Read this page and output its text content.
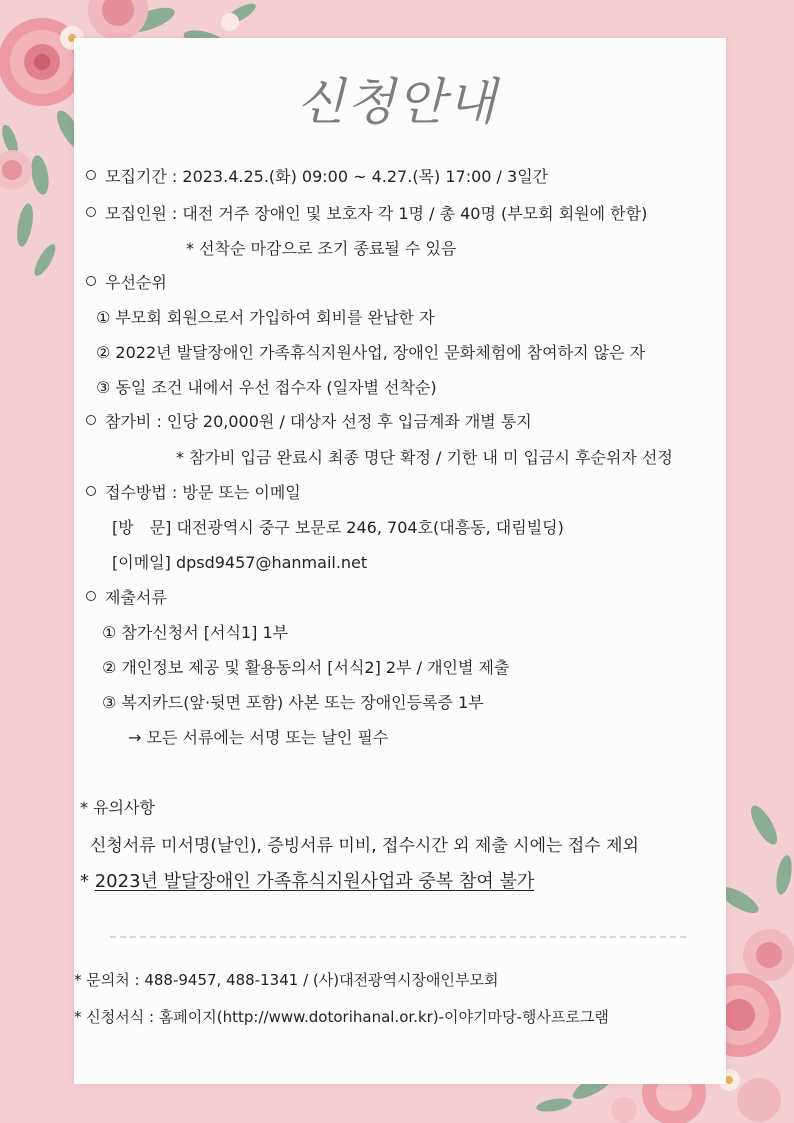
신청안내
모집기간 : 2023.4.25.(화) 09:00 ~ 4.27.(목) 17:00 / 3일간
모집인원 : 대전 거주 장애인 및 보호자 각 1명 / 총 40명 (부모회 회원에 한함)
* 선착순 마감으로 조기 종료될 수 있음
우선순위
① 부모회 회원으로서 가입하여 회비를 완납한 자
② 2022년 발달장애인 가족휴식지원사업, 장애인 문화체험에 참여하지 않은 자
③ 동일 조건 내에서 우선 접수자 (일자별 선착순)
참가비 : 인당 20,000원 / 대상자 선정 후 입금계좌 개별 통지
* 참가비 입금 완료시 최종 명단 확정 / 기한 내 미 입금시 후순위자 선정
접수방법 : 방문 또는 이메일
[방　문] 대전광역시 중구 보문로 246, 704호(대흥동, 대림빌딩)
[이메일] dpsd9457@hanmail.net
제출서류
① 참가신청서 [서식1] 1부
② 개인정보 제공 및 활용동의서 [서식2] 2부 / 개인별 제출
③ 복지카드(앞·뒷면 포함) 사본 또는 장애인등록증 1부
→ 모든 서류에는 서명 또는 날인 필수
* 유의사항
신청서류 미서명(날인), 증빙서류 미비, 접수시간 외 제출 시에는 접수 제외
* 2023년 발달장애인 가족휴식지원사업과 중복 참여 불가
* 문의처 : 488-9457, 488-1341 / (사)대전광역시장애인부모회
* 신청서식 : 홈페이지(http://www.dotorihanal.or.kr)-이야기마당-행사프로그램
